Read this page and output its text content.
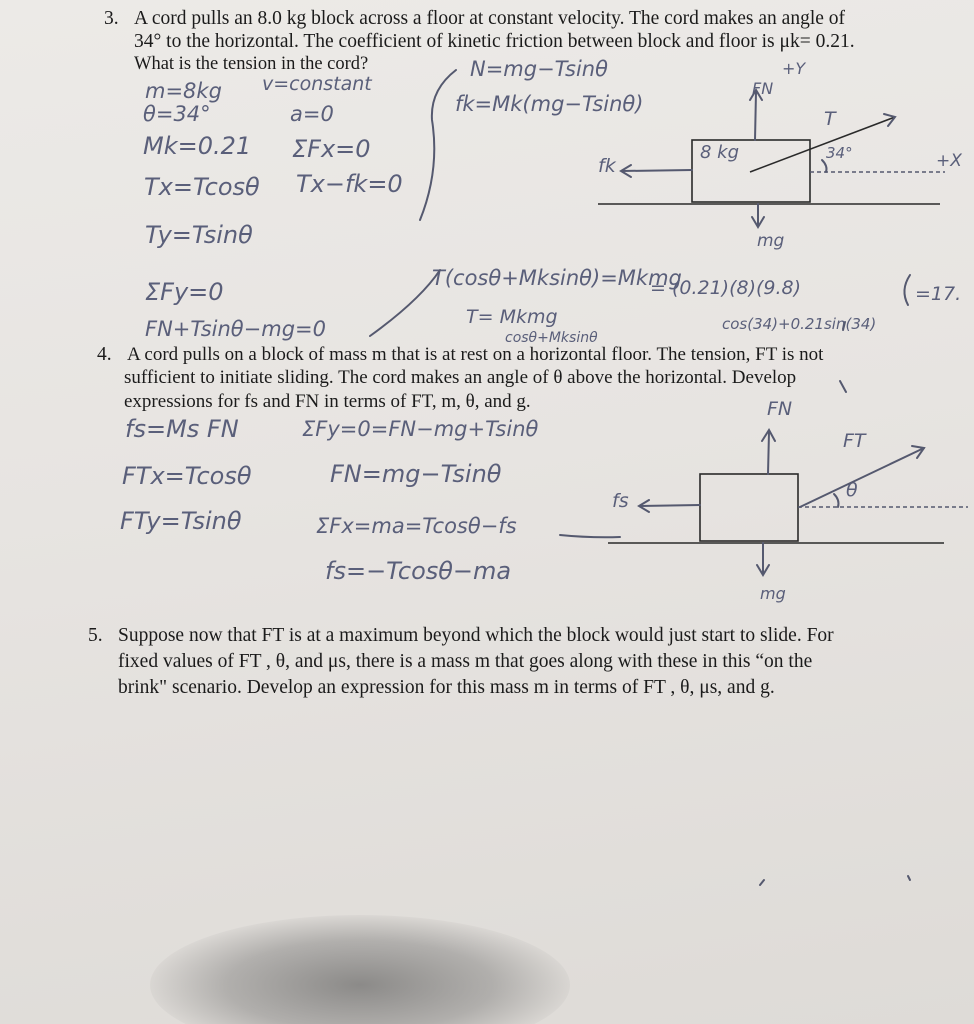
3. A cord pulls an 8.0 kg block across a floor at constant velocity. The cord makes an angle of
34° to the horizontal. The coefficient of kinetic friction between block and floor is μk= 0.21.
What is the tension in the cord?
m=8kg v=constant
θ=34°	a=0
Mk=0.21 ΣFx=0
Tx=Tcosθ Tx−fk=0
Ty=Tsinθ
ΣFy=0
FN+Tsinθ−mg=0
N=mg−Tsinθ
fk=Mk(mg−Tsinθ)
T(cosθ+Mksinθ)=Mkmg
T= Mkmg
cosθ+Mksinθ
= (0.21)(8)(9.8)
cos(34)+0.21sin(34)
=17.
FN
+Y
T
8 kg	34°	+X
fk
mg
4. A cord pulls on a block of mass m that is at rest on a horizontal floor. The tension, FT is not
sufficient to initiate sliding. The cord makes an angle of θ above the horizontal. Develop
expressions for fs and FN in terms of FT, m, θ, and g.
fs=Ms FN	ΣFy=0=FN−mg+Tsinθ
FTx=Tcosθ	FN=mg−Tsinθ
FTy=Tsinθ	ΣFx=ma=Tcosθ−fs
fs=−Tcosθ−ma
FN
FT
θ
fs
mg
5. Suppose now that FT is at a maximum beyond which the block would just start to slide. For
fixed values of FT , θ, and μs, there is a mass m that goes along with these in this “on the
brink" scenario. Develop an expression for this mass m in terms of FT , θ, μs, and g.
